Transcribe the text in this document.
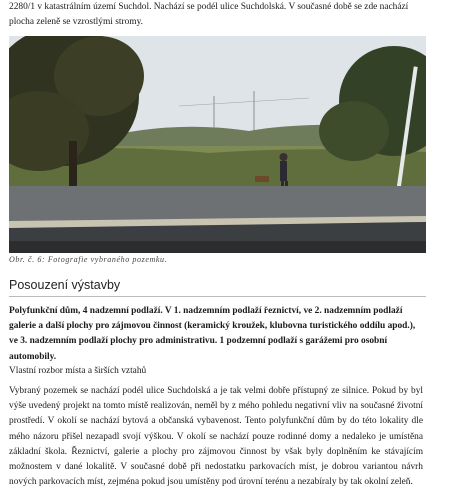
2280/1 v katastrálním území Suchdol. Nachází se podél ulice Suchdolská. V současné době se zde nachází plocha zeleně se vzrostlými stromy.
Obr. č. 6: Fotografie vybraného pozemku.
Posouzení výstavby
Polyfunkční dům, 4 nadzemní podlaží. V 1. nadzemním podlaží řeznictví, ve 2. nadzemním podlaží galerie a další plochy pro zájmovou činnost (keramický kroužek, klubovna turistického oddílu apod.), ve 3. nadzemním podlaží plochy pro administrativu. 1 podzemní podlaží s garážemi pro osobní automobily.
Vlastní rozbor místa a širších vztahů
Vybraný pozemek se nachází podél ulice Suchdolská a je tak velmi dobře přístupný ze silnice. Pokud by byl výše uvedený projekt na tomto místě realizován, neměl by z mého pohledu negativní vliv na současné životní prostředí. V okolí se nachází bytová a občanská vybavenost. Tento polyfunkční dům by do této lokality dle mého názoru přišel nezapadl svojí výškou. V okolí se nachází pouze rodinné domy a nedaleko je umístěna základní škola. Řeznictví, galerie a plochy pro zájmovou činnost by však byly doplněním ke stávajícím možnostem v dané lokalitě. V současné době při nedostatku parkovacích míst, je dobrou variantou návrh nových parkovacích míst, zejména pokud jsou umístěny pod úrovní terénu a nezabíraly by tak okolní zeleň.
